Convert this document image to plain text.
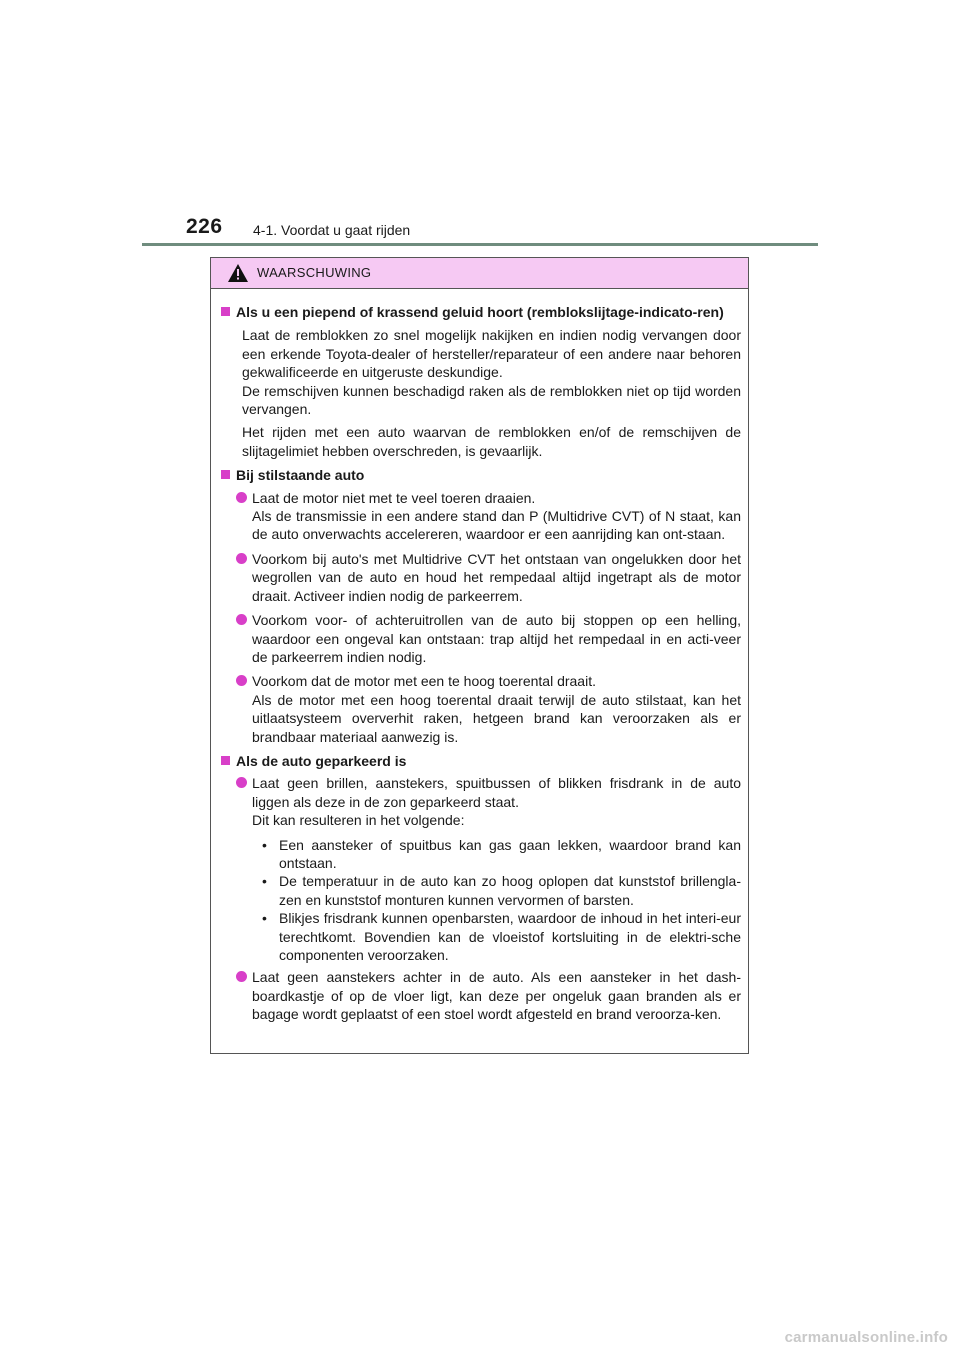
226 4-1. Voordat u gaat rijden
WAARSCHUWING
Als u een piepend of krassend geluid hoort (remblokslijtage-indicato-ren)
Laat de remblokken zo snel mogelijk nakijken en indien nodig vervangen door een erkende Toyota-dealer of hersteller/reparateur of een andere naar behoren gekwalificeerde en uitgeruste deskundige.
De remschijven kunnen beschadigd raken als de remblokken niet op tijd worden vervangen.
Het rijden met een auto waarvan de remblokken en/of de remschijven de slijtagelimiet hebben overschreden, is gevaarlijk.
Bij stilstaande auto
Laat de motor niet met te veel toeren draaien.
Als de transmissie in een andere stand dan P (Multidrive CVT) of N staat, kan de auto onverwachts accelereren, waardoor er een aanrijding kan ont-staan.
Voorkom bij auto's met Multidrive CVT het ontstaan van ongelukken door het wegrollen van de auto en houd het rempedaal altijd ingetrapt als de motor draait. Activeer indien nodig de parkeerrem.
Voorkom voor- of achteruitrollen van de auto bij stoppen op een helling, waardoor een ongeval kan ontstaan: trap altijd het rempedaal in en acti-veer de parkeerrem indien nodig.
Voorkom dat de motor met een te hoog toerental draait.
Als de motor met een hoog toerental draait terwijl de auto stilstaat, kan het uitlaatsysteem oververhit raken, hetgeen brand kan veroorzaken als er brandbaar materiaal aanwezig is.
Als de auto geparkeerd is
Laat geen brillen, aanstekers, spuitbussen of blikken frisdrank in de auto liggen als deze in de zon geparkeerd staat.
Dit kan resulteren in het volgende:
• Een aansteker of spuitbus kan gas gaan lekken, waardoor brand kan ontstaan.
• De temperatuur in de auto kan zo hoog oplopen dat kunststof brillengla-zen en kunststof monturen kunnen vervormen of barsten.
• Blikjes frisdrank kunnen openbarsten, waardoor de inhoud in het interi-eur terechtkomt. Bovendien kan de vloeistof kortsluiting in de elektri-sche componenten veroorzaken.
Laat geen aanstekers achter in de auto. Als een aansteker in het dash-boardkastje of op de vloer ligt, kan deze per ongeluk gaan branden als er bagage wordt geplaatst of een stoel wordt afgesteld en brand veroorza-ken.
carmanualsonline.info
